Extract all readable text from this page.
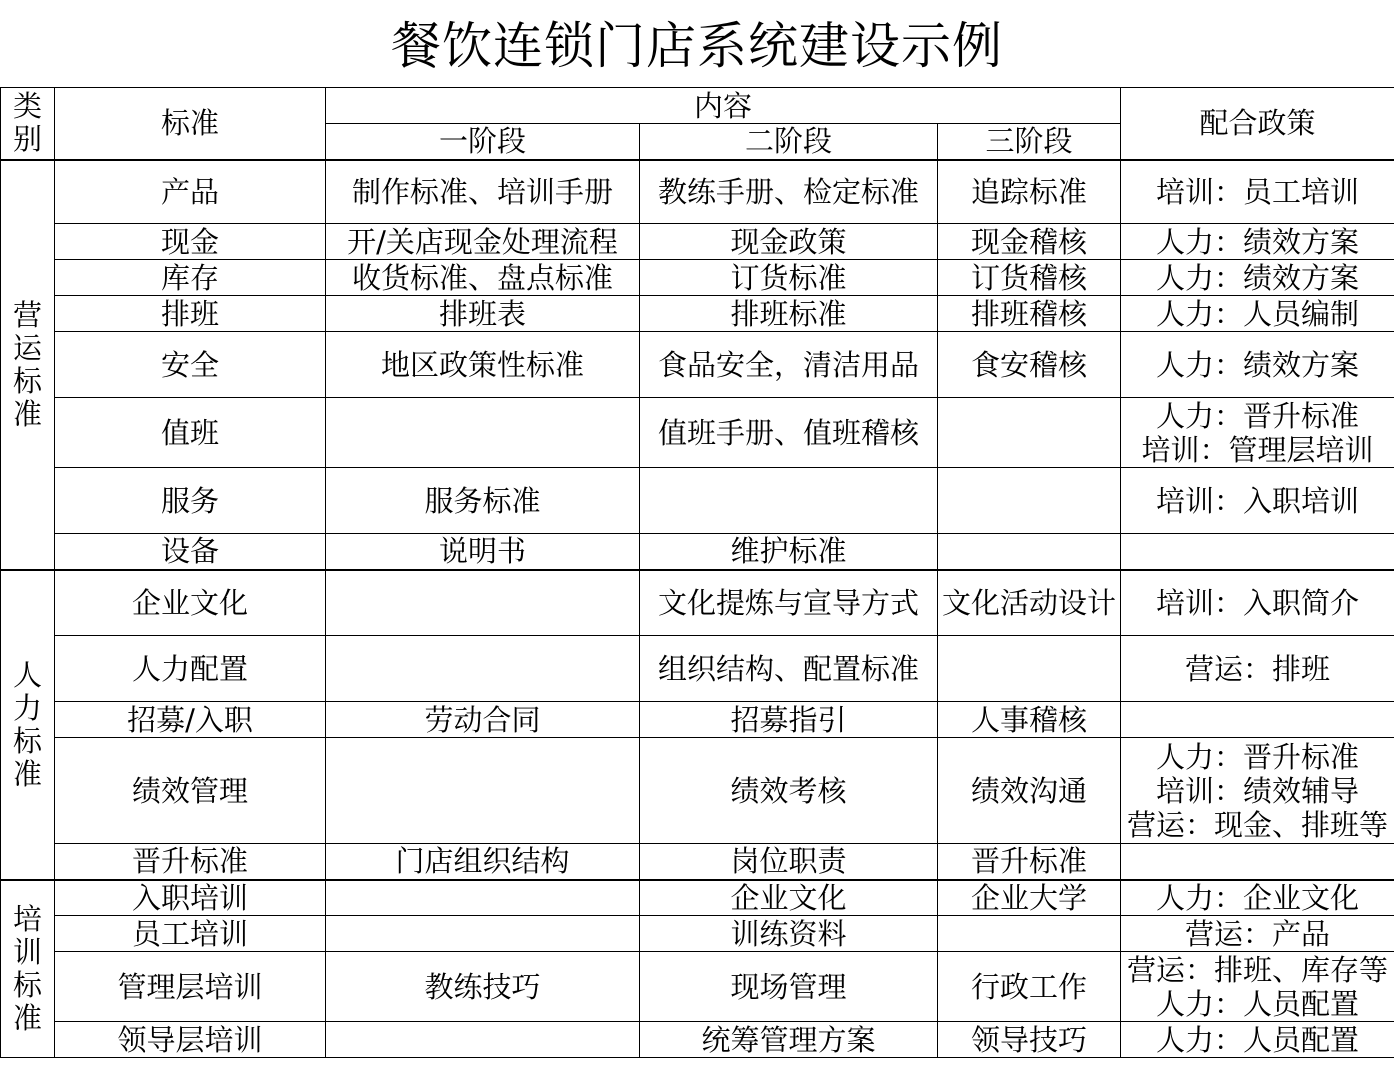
餐饮连锁门店系统建设示例
类别	标准	内容			配合政策
		一阶段	二阶段	三阶段	
营运标准	产品	制作标准、培训手册	教练手册、检定标准	追踪标准	培训：员工培训

	现金	开/关店现金处理流程	现金政策	现金稽核	人力：绩效方案

	库存	收货标准、盘点标准	订货标准	订货稽核	人力：绩效方案

	排班	排班表	排班标准	排班稽核	人力：人员编制

	安全	地区政策性标准	食品安全，清洁用品	食安稽核	人力：绩效方案

	值班		值班手册、值班稽核		人力：晋升标准
培训：管理层培训

	服务	服务标准			培训：入职培训

	设备	说明书	维护标准		
人力标准	企业文化		文化提炼与宣导方式	文化活动设计	培训：入职简介

	人力配置		组织结构、配置标准		营运：排班

	招募/入职	劳动合同	招募指引	人事稽核	
	绩效管理		绩效考核	绩效沟通	人力：晋升标准
培训：绩效辅导
营运：现金、排班等

	晋升标准	门店组织结构	岗位职责	晋升标准	
培训标准	入职培训		企业文化	企业大学	人力：企业文化

	员工培训		训练资料		营运：产品

	管理层培训	教练技巧	现场管理	行政工作	营运：排班、库存等
人力：人员配置

	领导层培训		统筹管理方案	领导技巧	人力：人员配置
